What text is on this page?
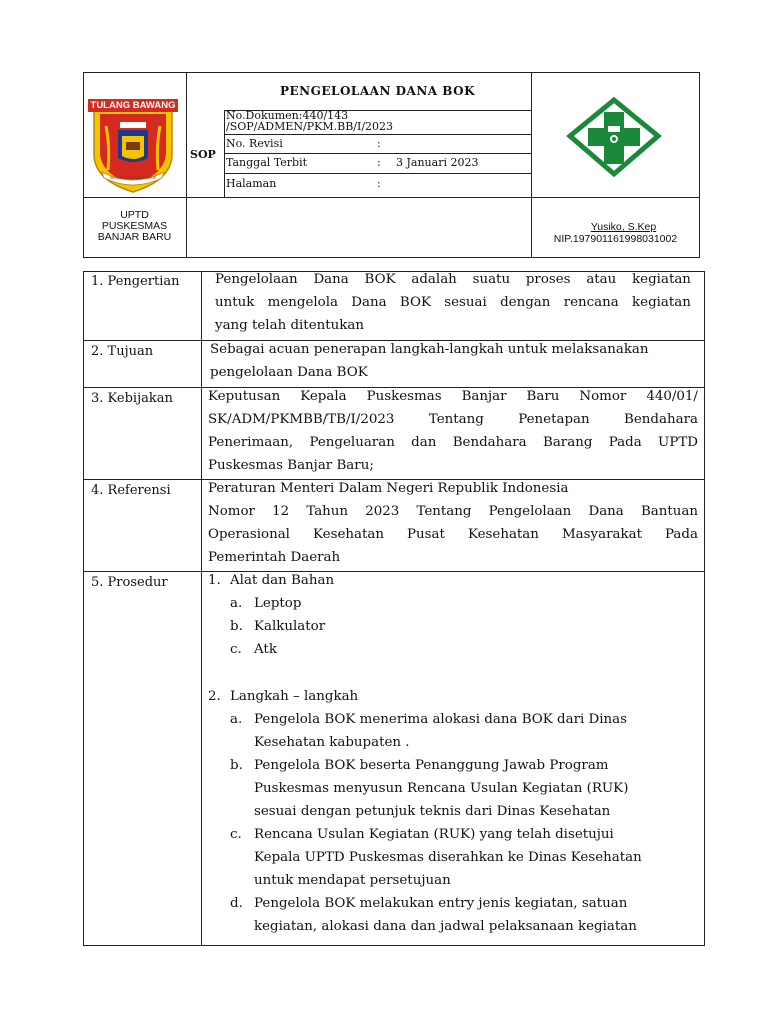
TULANG BAWANG
SAI BUMI NENGAH NYAPUR
PENGELOLAAN DANA BOK
SOP
No.Dokumen:440/143
/SOP/ADMEN/PKM.BB/I/2023
No. Revisi	:
Tanggal Terbit	: 3 Januari 2023
Halaman	:
UPTD
PUSKESMAS
BANJAR BARU
Yusiko, S.Kep
NIP.197901161998031002
1. Pengertian	Pengelolaan Dana BOK adalah suatu proses atau kegiatan
untuk mengelola Dana BOK sesuai dengan rencana kegiatan
yang telah ditentukan
2. Tujuan	Sebagai acuan penerapan langkah-langkah untuk melaksanakan
pengelolaan Dana BOK
3. Kebijakan	Keputusan Kepala Puskesmas Banjar Baru Nomor 440/01/
SK/ADM/PKMBB/TB/I/2023	Tentang	Penetapan	Bendahara
Penerimaan, Pengeluaran dan Bendahara Barang Pada UPTD
Puskesmas Banjar Baru;
4. Referensi	Peraturan Menteri Dalam Negeri Republik Indonesia
Nomor 12 Tahun 2023 Tentang Pengelolaan Dana Bantuan
Operasional Kesehatan Pusat Kesehatan Masyarakat Pada
Pemerintah Daerah
5. Prosedur	1. Alat dan Bahan
a. Leptop
b. Kalkulator
c. Atk
2. Langkah – langkah
a. Pengelola BOK menerima alokasi dana BOK dari Dinas
Kesehatan kabupaten .
b. Pengelola BOK beserta Penanggung Jawab Program
Puskesmas menyusun Rencana Usulan Kegiatan (RUK)
sesuai dengan petunjuk teknis dari Dinas Kesehatan
c. Rencana Usulan Kegiatan (RUK) yang telah disetujui
Kepala UPTD Puskesmas diserahkan ke Dinas Kesehatan
untuk mendapat persetujuan
d. Pengelola BOK melakukan entry jenis kegiatan, satuan
kegiatan, alokasi dana dan jadwal pelaksanaan kegiatan
